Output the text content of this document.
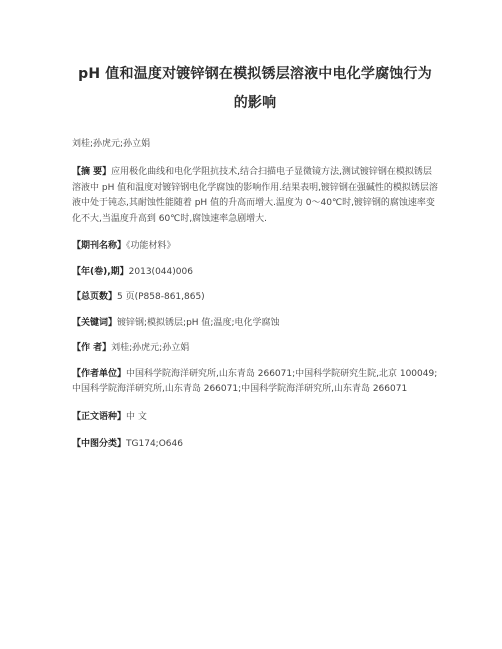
pH 值和温度对镀锌钢在模拟锈层溶液中电化学腐蚀行为的影响
刘桂;孙虎元;孙立娟

【摘 要】应用极化曲线和电化学阻抗技术,结合扫描电子显微镜方法,测试镀锌钢在模拟锈层溶液中 pH 值和温度对镀锌钢电化学腐蚀的影响作用.结果表明,镀锌钢在强碱性的模拟锈层溶液中处于钝态,其耐蚀性能随着 pH 值的升高而增大.温度为 0～40℃时,镀锌钢的腐蚀速率变化不大,当温度升高到 60℃时,腐蚀速率急剧增大.

【期刊名称】《功能材料》

【年(卷),期】2013(044)006

【总页数】5 页(P858-861,865)

【关键词】镀锌钢;模拟锈层;pH 值;温度;电化学腐蚀

【作 者】刘桂;孙虎元;孙立娟

【作者单位】中国科学院海洋研究所,山东青岛 266071;中国科学院研究生院,北京 100049;中国科学院海洋研究所,山东青岛 266071;中国科学院海洋研究所,山东青岛 266071

【正文语种】中 文

【中图分类】TG174;O646
